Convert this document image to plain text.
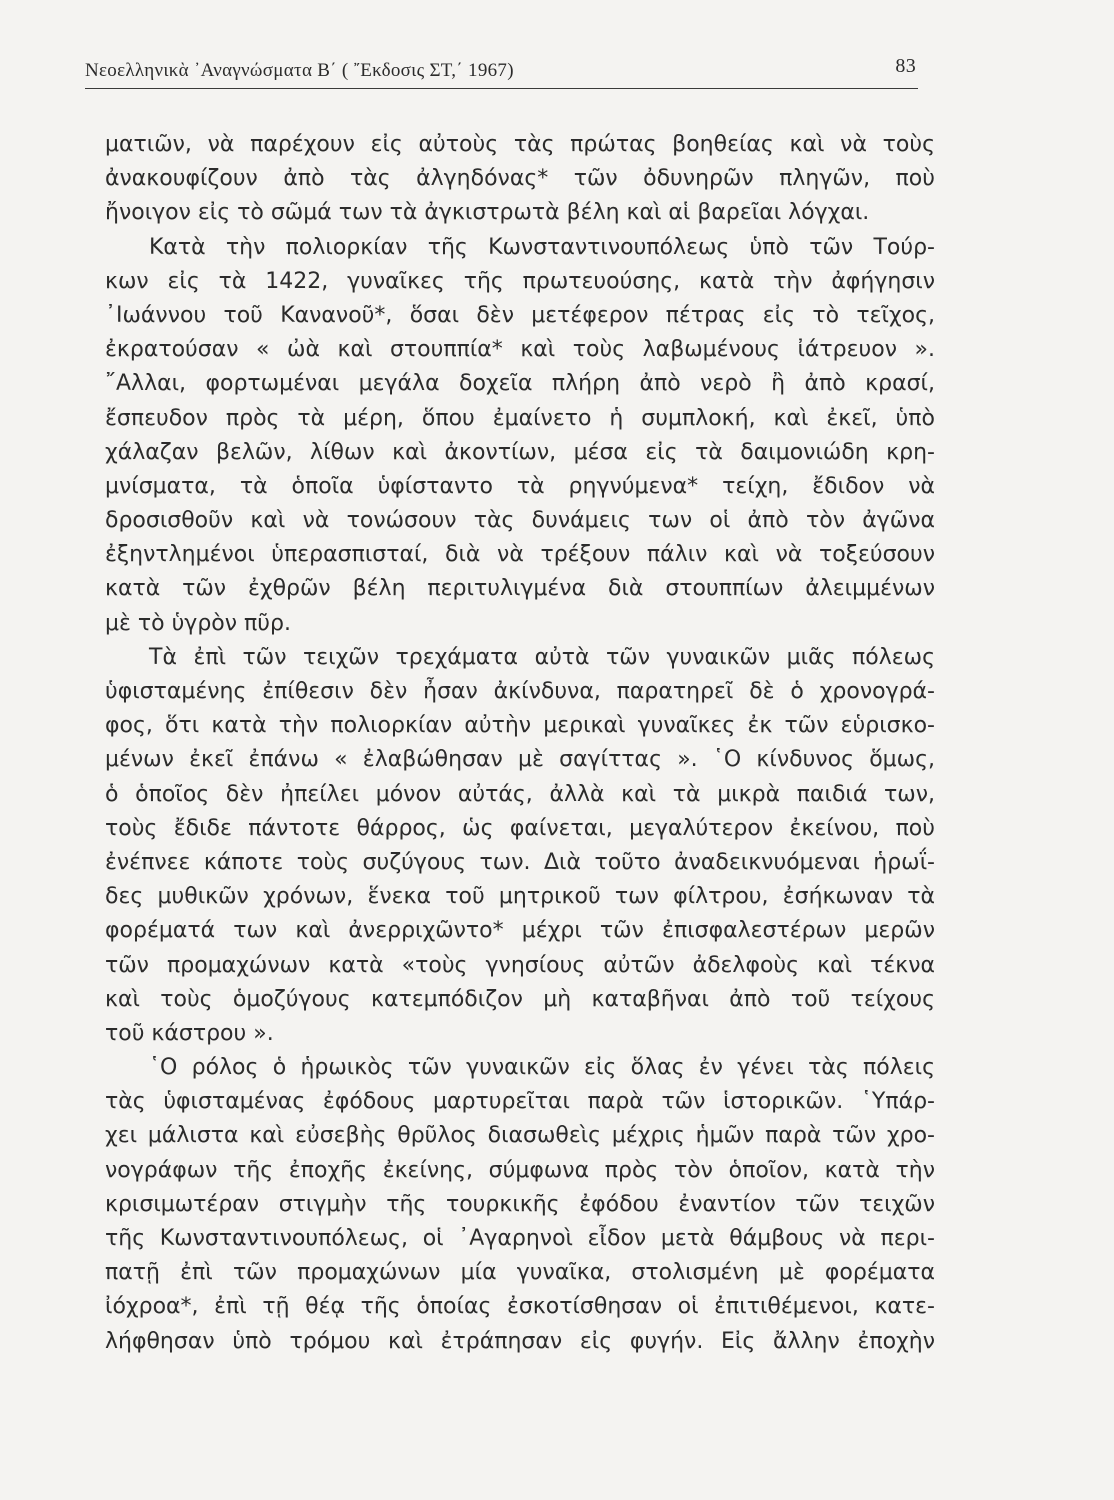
Νεοελληνικὰ ᾿Αναγνώσματα Β΄ ( ῎Εκδοσις ΣΤ,΄ 1967)	83
ματιῶν, νὰ παρέχουν εἰς αὐτοὺς τὰς πρώτας βοηθείας καὶ νὰ τοὺς
ἀνακουφίζουν ἀπὸ τὰς ἀλγηδόνας* τῶν ὀδυνηρῶν πληγῶν, ποὺ
ἤνοιγον εἰς τὸ σῶμά των τὰ ἀγκιστρωτὰ βέλη καὶ αἱ βαρεῖαι λόγχαι.
Κατὰ τὴν πολιορκίαν τῆς Κωνσταντινουπόλεως ὑπὸ τῶν Τούρ-
κων εἰς τὰ 1422, γυναῖκες τῆς πρωτευούσης, κατὰ τὴν ἀφήγησιν
᾿Ιωάννου τοῦ Κανανοῦ*, ὅσαι δὲν μετέφερον πέτρας εἰς τὸ τεῖχος,
ἐκρατούσαν « ὠὰ καὶ στουππία* καὶ τοὺς λαβωμένους ἰάτρευον ».
῎Αλλαι, φορτωμέναι μεγάλα δοχεῖα πλήρη ἀπὸ νερὸ ἢ ἀπὸ κρασί,
ἔσπευδον πρὸς τὰ μέρη, ὅπου ἐμαίνετο ἡ συμπλοκή, καὶ ἐκεῖ, ὑπὸ
χάλαζαν βελῶν, λίθων καὶ ἀκοντίων, μέσα εἰς τὰ δαιμονιώδη κρη-
μνίσματα, τὰ ὁποῖα ὑφίσταντο τὰ ρηγνύμενα* τείχη, ἔδιδον νὰ
δροσισθοῦν καὶ νὰ τονώσουν τὰς δυνάμεις των οἱ ἀπὸ τὸν ἀγῶνα
ἐξηντλημένοι ὑπερασπισταί, διὰ νὰ τρέξουν πάλιν καὶ νὰ τοξεύσουν
κατὰ τῶν ἐχθρῶν βέλη περιτυλιγμένα διὰ στουππίων ἀλειμμένων
μὲ τὸ ὑγρὸν πῦρ.
Τὰ ἐπὶ τῶν τειχῶν τρεχάματα αὐτὰ τῶν γυναικῶν μιᾶς πόλεως
ὑφισταμένης ἐπίθεσιν δὲν ἦσαν ἀκίνδυνα, παρατηρεῖ δὲ ὁ χρονογρά-
φος, ὅτι κατὰ τὴν πολιορκίαν αὐτὴν μερικαὶ γυναῖκες ἐκ τῶν εὑρισκο-
μένων ἐκεῖ ἐπάνω « ἐλαβώθησαν μὲ σαγίττας ». ῾Ο κίνδυνος ὅμως,
ὁ ὁποῖος δὲν ἠπείλει μόνον αὐτάς, ἀλλὰ καὶ τὰ μικρὰ παιδιά των,
τοὺς ἔδιδε πάντοτε θάρρος, ὡς φαίνεται, μεγαλύτερον ἐκείνου, ποὺ
ἐνέπνεε κάποτε τοὺς συζύγους των. Διὰ τοῦτο ἀναδεικνυόμεναι ἡρωΐ-
δες μυθικῶν χρόνων, ἕνεκα τοῦ μητρικοῦ των φίλτρου, ἐσήκωναν τὰ
φορέματά των καὶ ἀνερριχῶντο* μέχρι τῶν ἐπισφαλεστέρων μερῶν
τῶν προμαχώνων κατὰ «τοὺς γνησίους αὐτῶν ἀδελφοὺς καὶ τέκνα
καὶ τοὺς ὁμοζύγους κατεμπόδιζον μὴ καταβῆναι ἀπὸ τοῦ τείχους
τοῦ κάστρου ».
῾Ο ρόλος ὁ ἡρωικὸς τῶν γυναικῶν εἰς ὅλας ἐν γένει τὰς πόλεις
τὰς ὑφισταμένας ἐφόδους μαρτυρεῖται παρὰ τῶν ἱστορικῶν. ῾Υπάρ-
χει μάλιστα καὶ εὐσεβὴς θρῦλος διασωθεὶς μέχρις ἡμῶν παρὰ τῶν χρο-
νογράφων τῆς ἐποχῆς ἐκείνης, σύμφωνα πρὸς τὸν ὁποῖον, κατὰ τὴν
κρισιμωτέραν στιγμὴν τῆς τουρκικῆς ἐφόδου ἐναντίον τῶν τειχῶν
τῆς Κωνσταντινουπόλεως, οἱ ᾿Αγαρηνοὶ εἶδον μετὰ θάμβους νὰ περι-
πατῇ ἐπὶ τῶν προμαχώνων μία γυναῖκα, στολισμένη μὲ φορέματα
ἰόχροα*, ἐπὶ τῇ θέᾳ τῆς ὁποίας ἐσκοτίσθησαν οἱ ἐπιτιθέμενοι, κατε-
λήφθησαν ὑπὸ τρόμου καὶ ἐτράπησαν εἰς φυγήν. Εἰς ἄλλην ἐποχὴν
